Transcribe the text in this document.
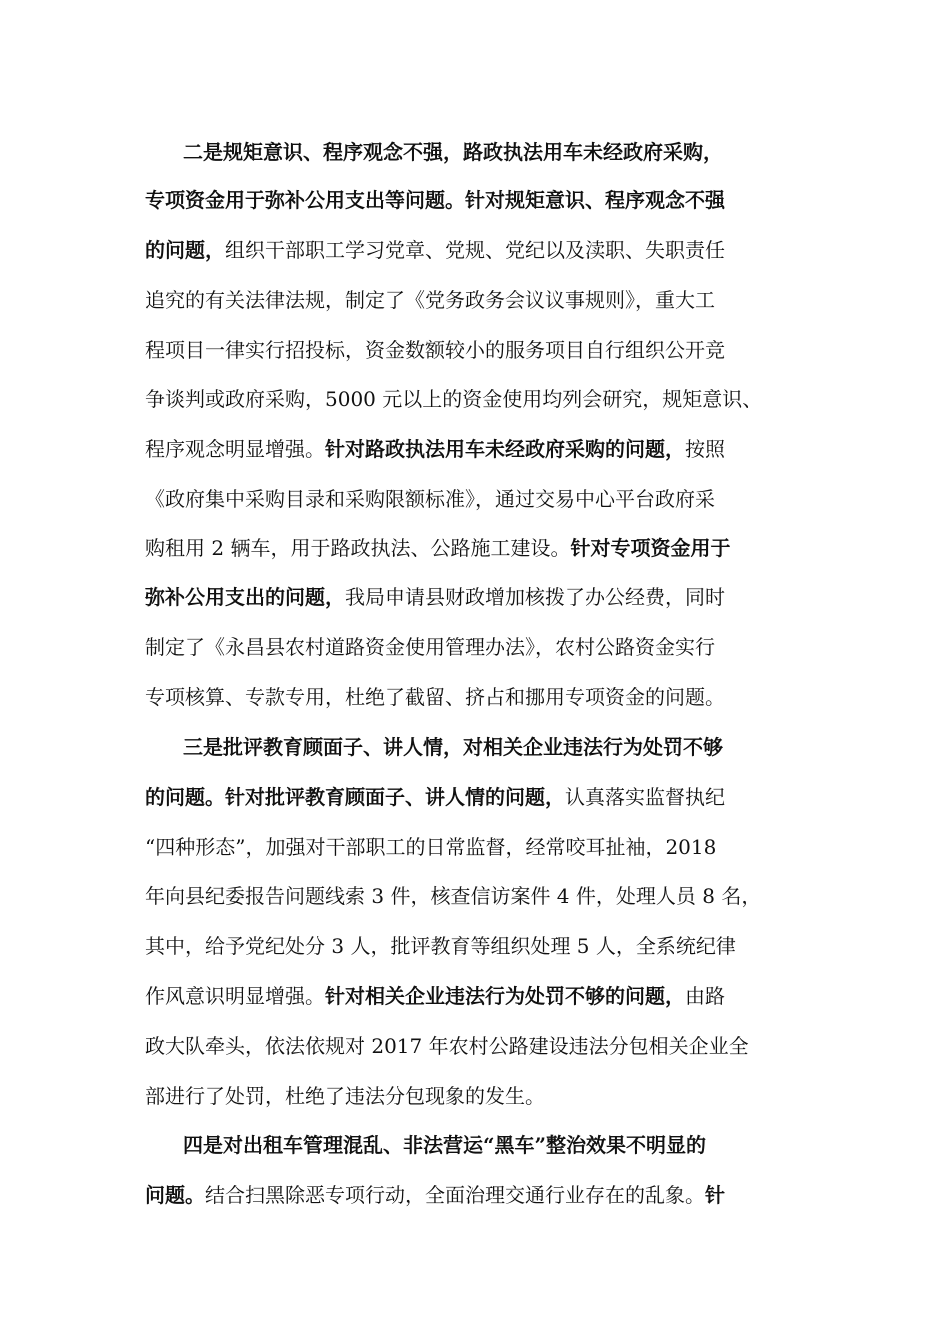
二是规矩意识、程序观念不强，路政执法用车未经政府采购，
专项资金用于弥补公用支出等问题。针对规矩意识、程序观念不强
的问题，组织干部职工学习党章、党规、党纪以及渎职、失职责任
追究的有关法律法规，制定了《党务政务会议议事规则》，重大工
程项目一律实行招投标，资金数额较小的服务项目自行组织公开竞
争谈判或政府采购，5000 元以上的资金使用均列会研究，规矩意识、
程序观念明显增强。针对路政执法用车未经政府采购的问题，按照
《政府集中采购目录和采购限额标准》，通过交易中心平台政府采
购租用 2 辆车，用于路政执法、公路施工建设。针对专项资金用于
弥补公用支出的问题，我局申请县财政增加核拨了办公经费，同时
制定了《永昌县农村道路资金使用管理办法》，农村公路资金实行
专项核算、专款专用，杜绝了截留、挤占和挪用专项资金的问题。
三是批评教育顾面子、讲人情，对相关企业违法行为处罚不够
的问题。针对批评教育顾面子、讲人情的问题，认真落实监督执纪
“四种形态”，加强对干部职工的日常监督，经常咬耳扯袖，2018
年向县纪委报告问题线索 3 件，核查信访案件 4 件，处理人员 8 名，
其中，给予党纪处分 3 人，批评教育等组织处理 5 人，全系统纪律
作风意识明显增强。针对相关企业违法行为处罚不够的问题，由路
政大队牵头，依法依规对 2017 年农村公路建设违法分包相关企业全
部进行了处罚，杜绝了违法分包现象的发生。
四是对出租车管理混乱、非法营运“黑车”整治效果不明显的
问题。结合扫黑除恶专项行动，全面治理交通行业存在的乱象。针
